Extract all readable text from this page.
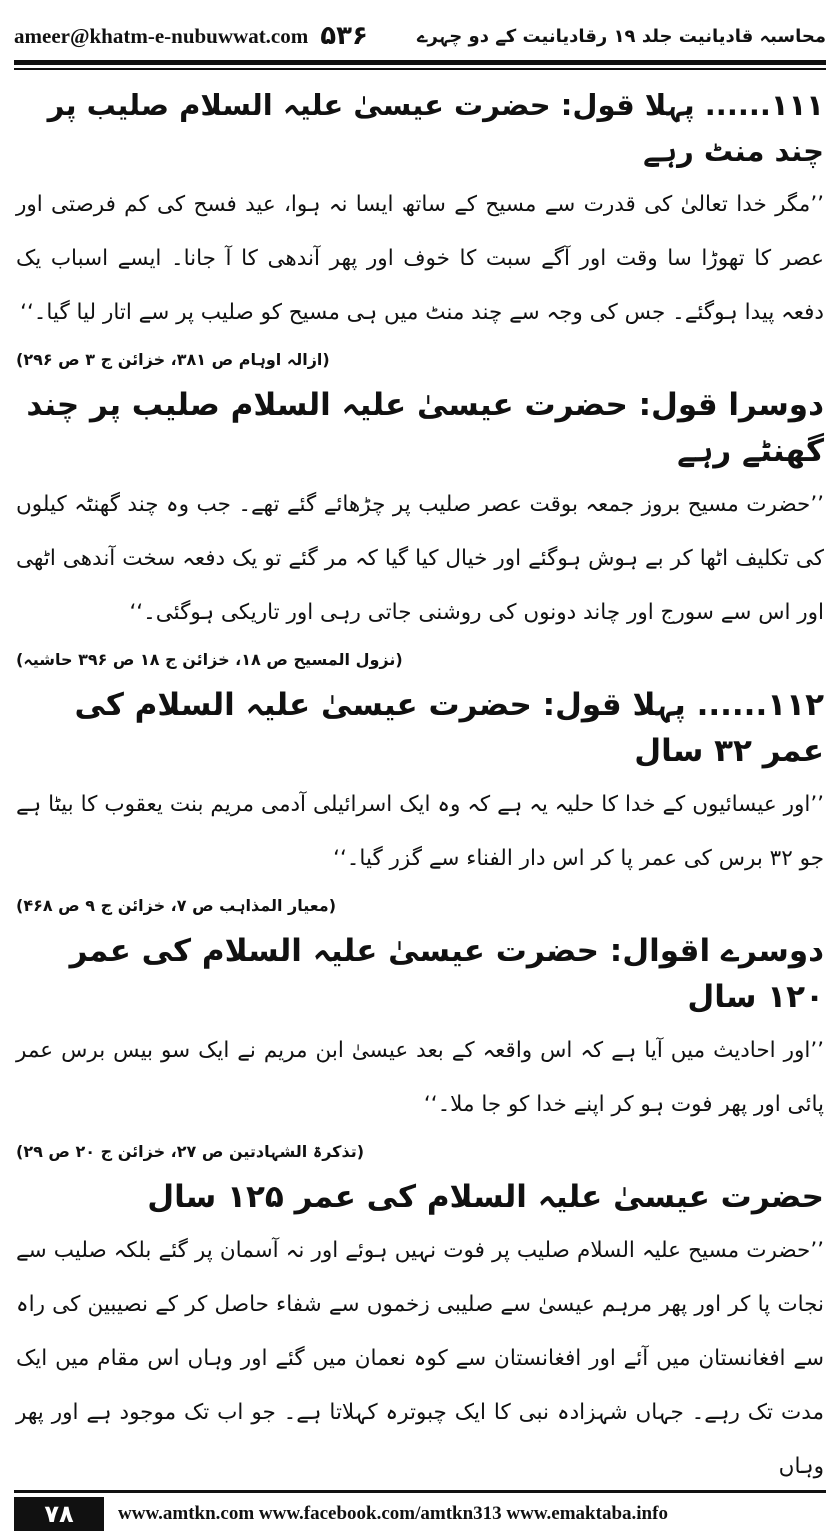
ameer@khatm-e-nubuwwat.com ۵۳۶	محاسبہ قادیانیت جلد ۱۹ رقادیانیت کے دو چہرے
۱۱۱...... پہلا قول: حضرت عیسیٰ علیہ السلام صلیب پر چند منٹ رہے

’’مگر خدا تعالیٰ کی قدرت سے مسیح کے ساتھ ایسا نہ ہوا، عید فسح کی کم فرصتی اور عصر کا تھوڑا سا وقت اور آگے سبت کا خوف اور پھر آندھی کا آ جانا۔ ایسے اسباب یک دفعہ پیدا ہوگئے۔ جس کی وجہ سے چند منٹ میں ہی مسیح کو صلیب پر سے اتار لیا گیا۔‘‘

(ازالہ اوہام ص ۳۸۱، خزائن ج ۳ ص ۲۹۶)
دوسرا قول: حضرت عیسیٰ علیہ السلام صلیب پر چند گھنٹے رہے

’’حضرت مسیح بروز جمعہ بوقت عصر صلیب پر چڑھائے گئے تھے۔ جب وہ چند گھنٹہ کیلوں کی تکلیف اٹھا کر بے ہوش ہوگئے اور خیال کیا گیا کہ مر گئے تو یک دفعہ سخت آندھی اٹھی اور اس سے سورج اور چاند دونوں کی روشنی جاتی رہی اور تاریکی ہوگئی۔‘‘

(نزول المسیح ص ۱۸، خزائن ج ۱۸ ص ۳۹۶ حاشیہ)
۱۱۲...... پہلا قول: حضرت عیسیٰ علیہ السلام کی عمر ۳۲ سال

’’اور عیسائیوں کے خدا کا حلیہ یہ ہے کہ وہ ایک اسرائیلی آدمی مریم بنت یعقوب کا بیٹا ہے جو ۳۲ برس کی عمر پا کر اس دار الفناء سے گزر گیا۔‘‘

(معیار المذاہب ص ۷، خزائن ج ۹ ص ۴۶۸)
دوسرے اقوال: حضرت عیسیٰ علیہ السلام کی عمر ۱۲۰ سال

’’اور احادیث میں آیا ہے کہ اس واقعہ کے بعد عیسیٰ ابن مریم نے ایک سو بیس برس عمر پائی اور پھر فوت ہو کر اپنے خدا کو جا ملا۔‘‘

(تذکرۃ الشہادتین ص ۲۷، خزائن ج ۲۰ ص ۲۹)
حضرت عیسیٰ علیہ السلام کی عمر ۱۲۵ سال

’’حضرت مسیح علیہ السلام صلیب پر فوت نہیں ہوئے اور نہ آسمان پر گئے بلکہ صلیب سے نجات پا کر اور پھر مرہم عیسیٰ سے صلیبی زخموں سے شفاء حاصل کر کے نصیبین کی راہ سے افغانستان میں آئے اور افغانستان سے کوہ نعمان میں گئے اور وہاں اس مقام میں ایک مدت تک رہے۔ جہاں شہزادہ نبی کا ایک چبوترہ کہلاتا ہے۔ جو اب تک موجود ہے اور پھر وہاں

۷۸	www.amtkn.com www.facebook.com/amtkn313 www.emaktaba.info
